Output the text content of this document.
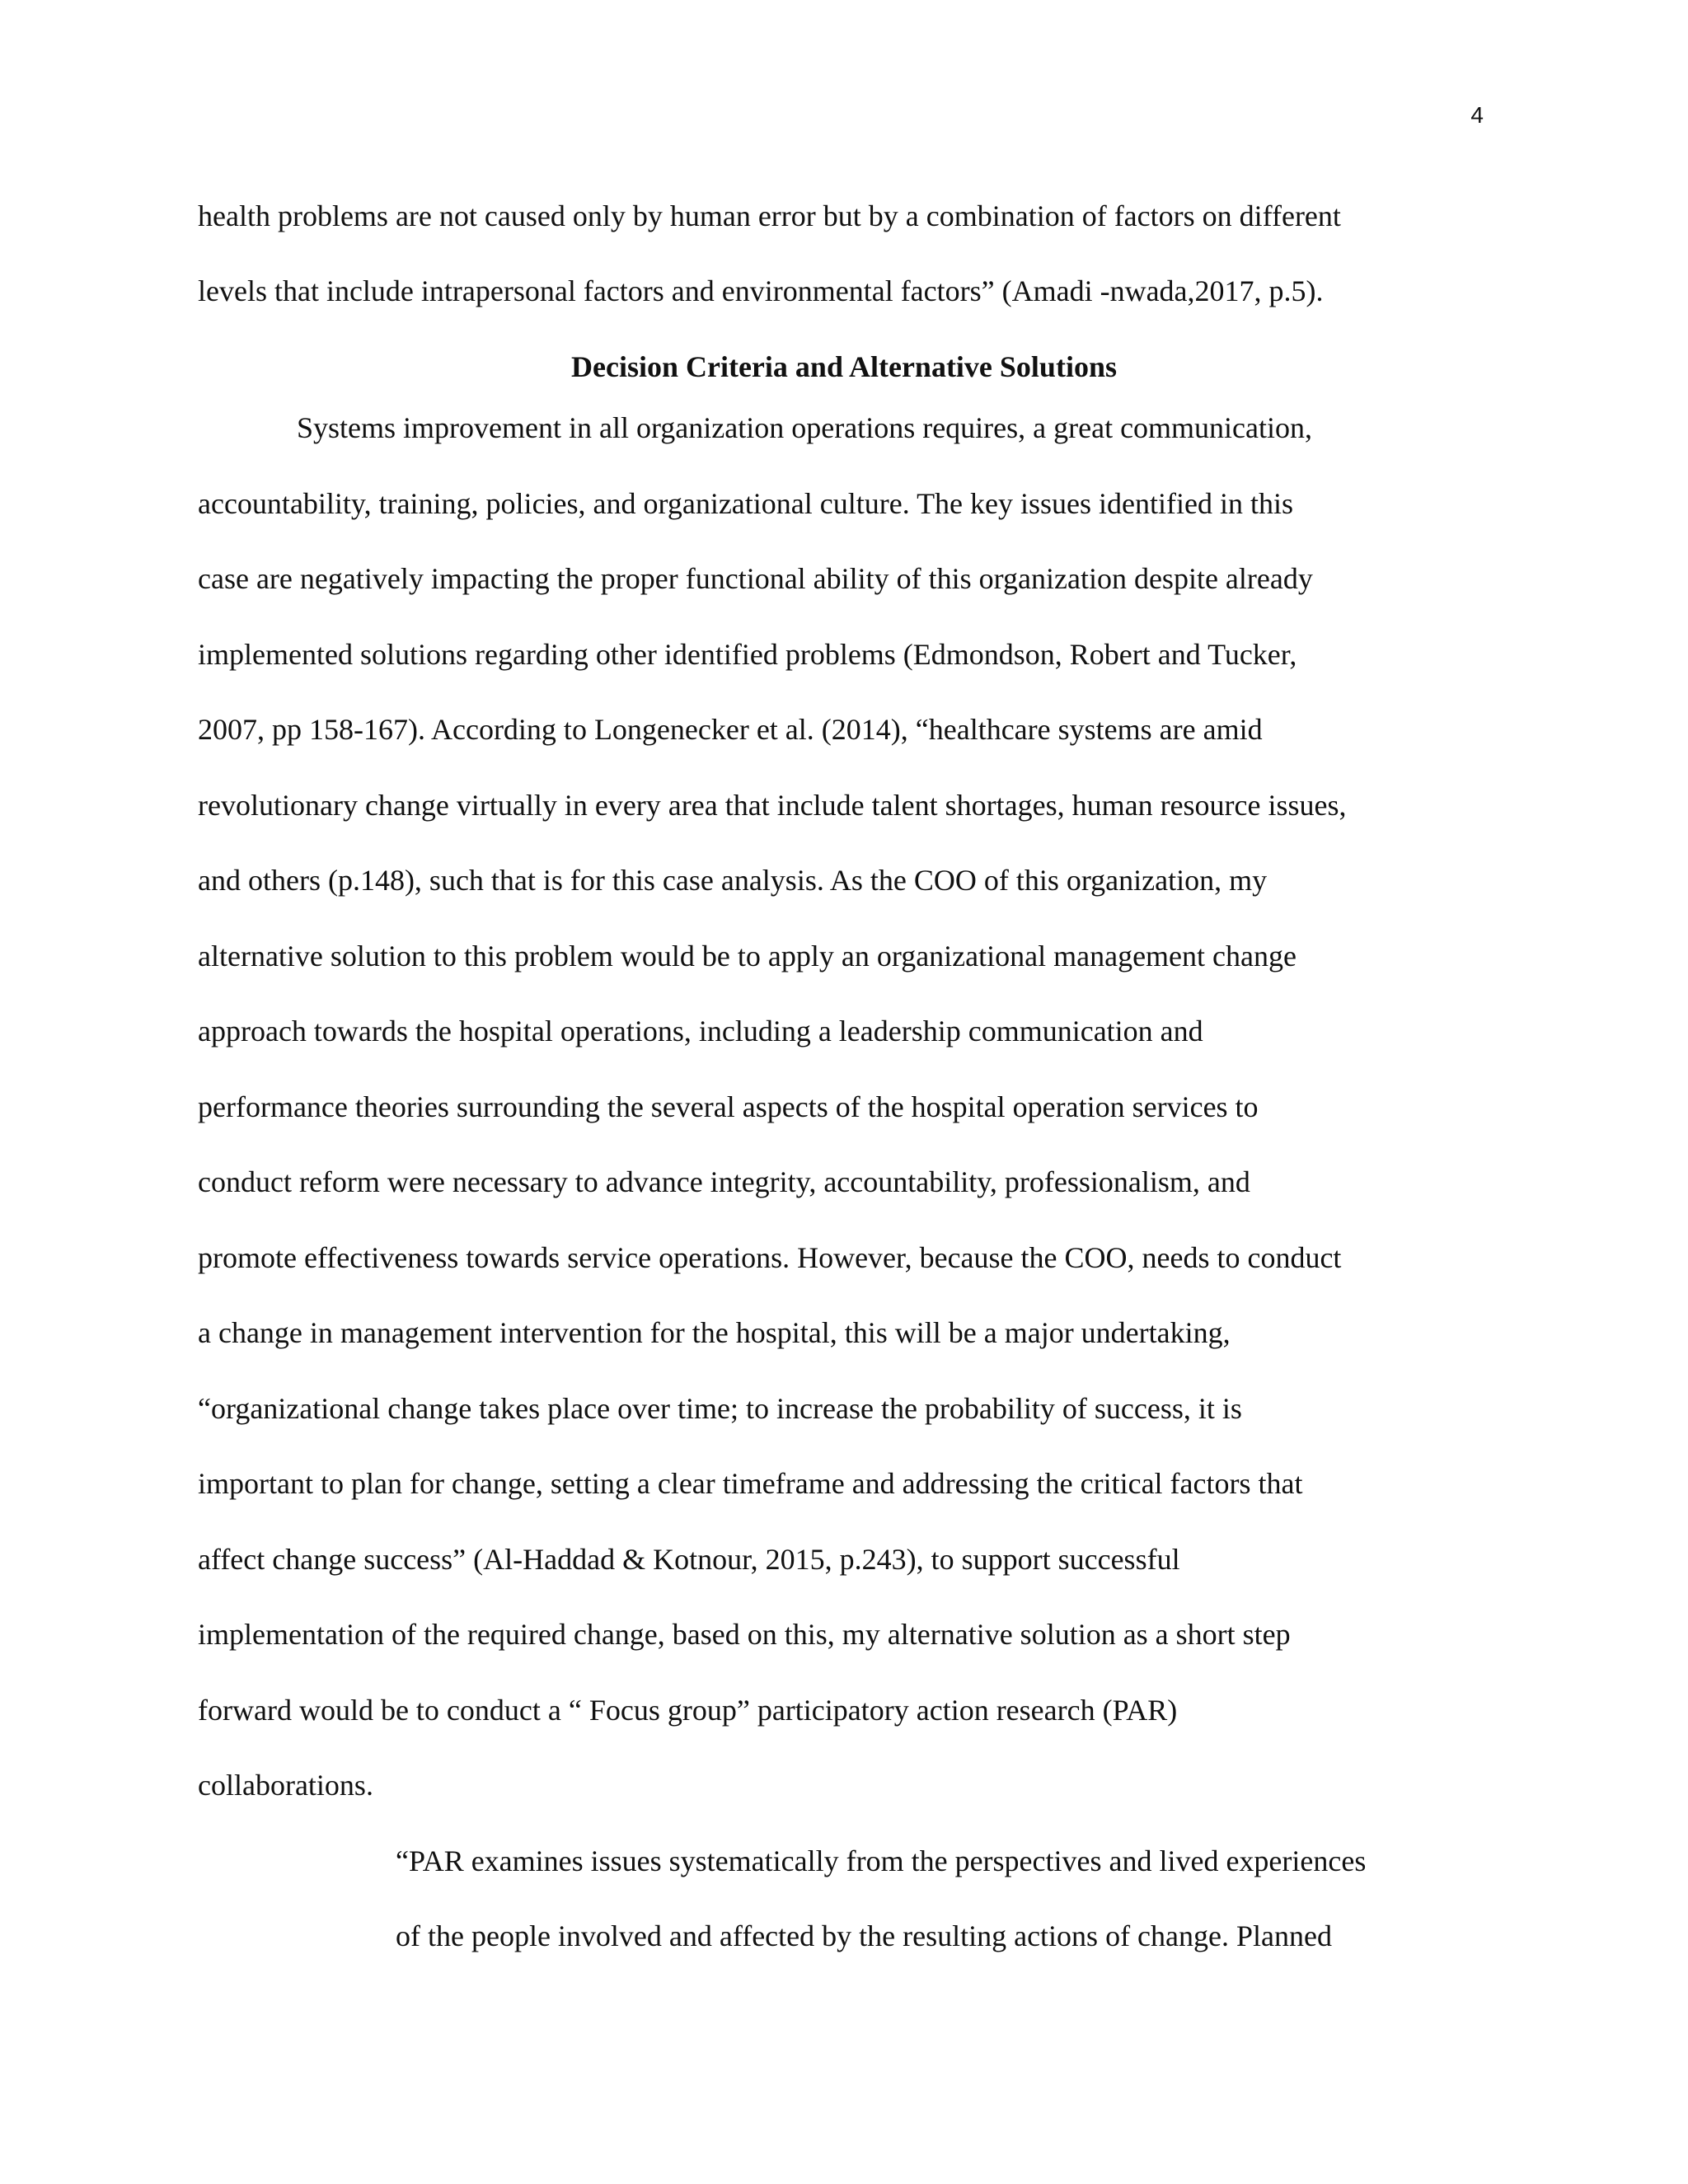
4
health problems are not caused only by human error but by a combination of factors on different
levels that include intrapersonal factors and environmental factors” (Amadi -nwada,2017, p.5).
Decision Criteria and Alternative Solutions
Systems improvement in all organization operations requires, a great communication,
accountability, training, policies, and organizational culture. The key issues identified in this
case are negatively impacting the proper functional ability of this organization despite already
implemented solutions regarding other identified problems (Edmondson, Robert and Tucker,
2007, pp 158-167). According to Longenecker et al. (2014), “healthcare systems are amid
revolutionary change virtually in every area that include talent shortages, human resource issues,
and others (p.148), such that is for this case analysis. As the COO of this organization, my
alternative solution to this problem would be to apply an organizational management change
approach towards the hospital operations, including a leadership communication and
performance theories surrounding the several aspects of the hospital operation services to
conduct reform were necessary to advance integrity, accountability, professionalism, and
promote effectiveness towards service operations. However, because the COO, needs to conduct
a change in management intervention for the hospital, this will be a major undertaking,
“organizational change takes place over time; to increase the probability of success, it is
important to plan for change, setting a clear timeframe and addressing the critical factors that
affect change success” (Al-Haddad & Kotnour, 2015, p.243), to support successful
implementation of the required change, based on this, my alternative solution as a short step
forward would be to conduct a “ Focus group” participatory action research (PAR)
collaborations.
“PAR examines issues systematically from the perspectives and lived experiences
of the people involved and affected by the resulting actions of change. Planned
